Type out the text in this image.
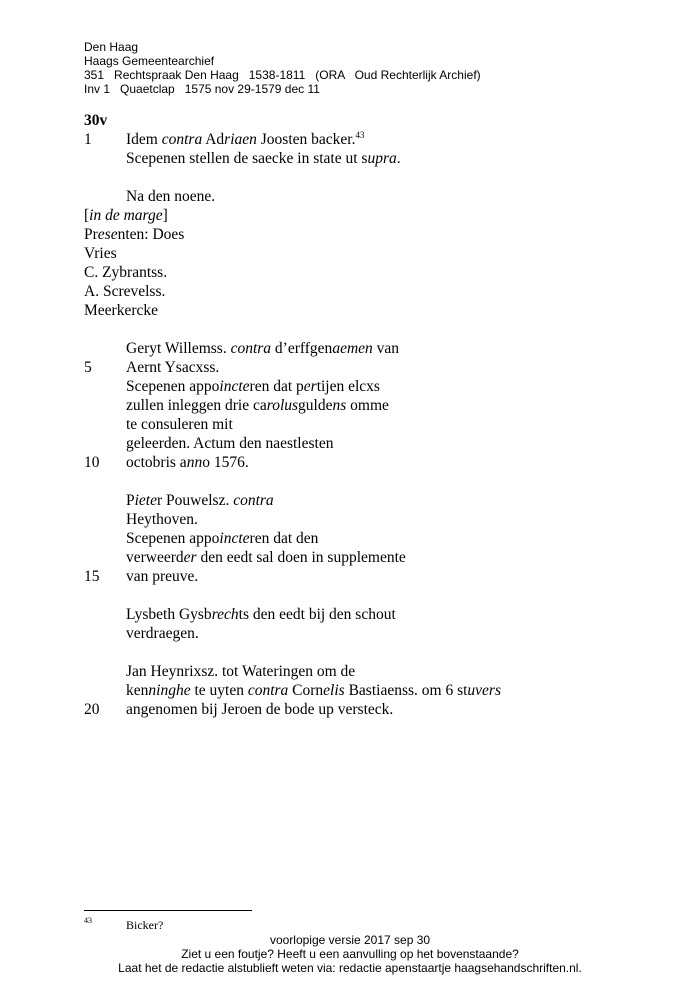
Den Haag
Haags Gemeentearchief
351   Rechtspraak Den Haag   1538-1811   (ORA   Oud Rechterlijk Archief)
Inv 1   Quaetclap   1575 nov 29-1579 dec 11
30v
1	Idem contra Adriaen Joosten backer.$^{43}$
Scepenen stellen de saecke in state ut supra.
Na den noene.
[in de marge]
Presenten: Does
Vries
C. Zybrantss.
A. Screvelss.
Meerkercke
Geryt Willemss. contra d’erffgenaemen van
5	Aernt Ysacxss.
Scepenen appoincteren dat pertijen elcxs
zullen inleggen drie carolusguldens omme
te consuleren mit
geleerden. Actum den naestlesten
10	octobris anno 1576.
Pieter Pouwelsz. contra
Heythoven.
Scepenen appoincteren dat den
verweerder den eedt sal doen in supplemente
15	van preuve.
Lysbeth Gysbrechts den eedt bij den schout
verdraegen.
Jan Heynrixsz. tot Wateringen om de
kenninghe te uyten contra Cornelis Bastiaenss. om 6 stuvers
20	angenomen bij Jeroen de bode up versteck.
43	Bicker?
voorlopige versie 2017 sep 30
Ziet u een foutje? Heeft u een aanvulling op het bovenstaande?
Laat het de redactie alstublieft weten via: redactie apenstaartje haagsehandschriften.nl.
